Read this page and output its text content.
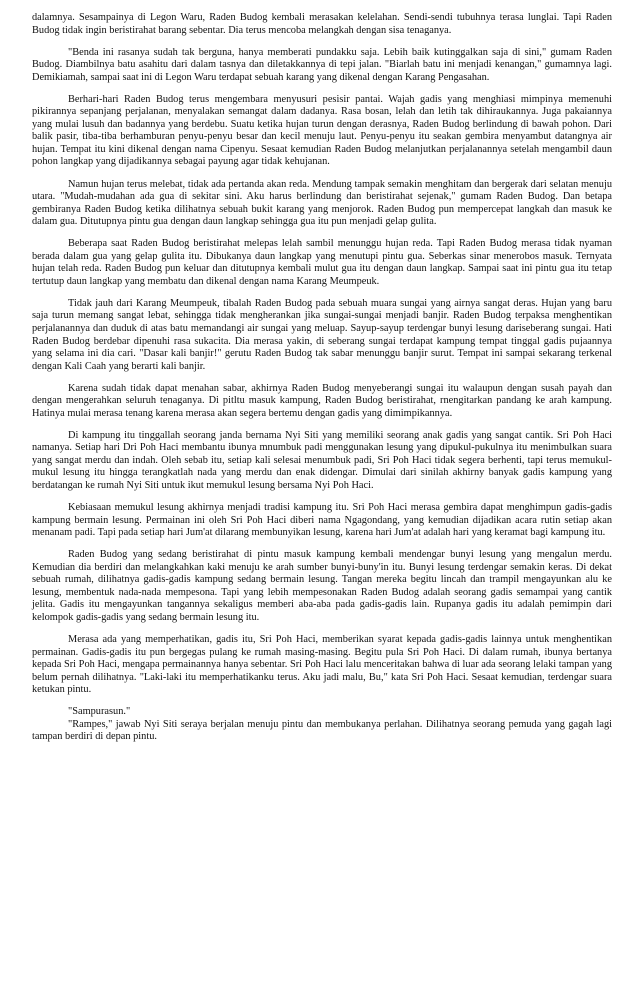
dalamnya. Sesampainya di Legon Waru, Raden Budog kembali merasakan kelelahan. Sendi-sendi tubuhnya terasa lunglai. Tapi Raden Budog tidak ingin beristirahat barang sebentar. Dia terus mencoba melangkah dengan sisa tenaganya.

"Benda ini rasanya sudah tak berguna, hanya memberati pundakku saja. Lebih baik kutinggalkan saja di sini," gumam Raden Budog. Diambilnya batu asahitu dari dalam tasnya dan diletakkannya di tepi jalan. "Biarlah batu ini menjadi kenangan," gumamnya lagi. Demikiamah, sampai saat ini di Legon Waru terdapat sebuah karang yang dikenal dengan Karang Pengasahan.

Berhari-hari Raden Budog terus mengembara menyusuri pesisir pantai. Wajah gadis yang menghiasi mimpinya memenuhi pikirannya sepanjang perjalanan, menyalakan semangat dalam dadanya. Rasa bosan, lelah dan letih tak dihiraukannya. Juga pakaiannya yang mulai lusuh dan badannya yang berdebu. Suatu ketika hujan turun dengan derasnya, Raden Budog berlindung di bawah pohon. Dari balik pasir, tiba-tiba berhamburan penyu-penyu besar dan kecil menuju laut. Penyu-penyu itu seakan gembira menyambut datangnya air hujan. Tempat itu kini dikenal dengan nama Cipenyu. Sesaat kemudian Raden Budog melanjutkan perjalanannya setelah mengambil daun pohon langkap yang dijadikannya sebagai payung agar tidak kehujanan.

Namun hujan terus melebat, tidak ada pertanda akan reda. Mendung tampak semakin menghitam dan bergerak dari selatan menuju utara. "Mudah-mudahan ada gua di sekitar sini. Aku harus berlindung dan beristirahat sejenak," gumam Raden Budog. Dan betapa gembiranya Raden Budog ketika dilihatnya sebuah bukit karang yang menjorok. Raden Budog pun mempercepat langkah dan masuk ke dalam gua. Ditutupnya pintu gua dengan daun langkap sehingga gua itu pun menjadi gelap gulita.

Beberapa saat Raden Budog beristirahat melepas lelah sambil menunggu hujan reda. Tapi Raden Budog merasa tidak nyaman berada dalam gua yang gelap gulita itu. Dibukanya daun langkap yang menutupi pintu gua. Seberkas sinar menerobos masuk. Ternyata hujan telah reda. Raden Budog pun keluar dan ditutupnya kembali mulut gua itu dengan daun langkap. Sampai saat ini pintu gua itu tetap tertutup daun langkap yang membatu dan dikenal dengan nama Karang Meumpeuk.

Tidak jauh dari Karang Meumpeuk, tibalah Raden Budog pada sebuah muara sungai yang airnya sangat deras. Hujan yang baru saja turun memang sangat lebat, sehingga tidak mengherankan jika sungai-sungai menjadi banjir. Raden Budog terpaksa menghentikan perjalanannya dan duduk di atas batu memandangi air sungai yang meluap. Sayup-sayup terdengar bunyi lesung dariseberang sungai. Hati Raden Budog berdebar dipenuhi rasa sukacita. Dia merasa yakin, di seberang sungai terdapat kampung tempat tinggal gadis pujaannya yang selama ini dia cari. "Dasar kali banjir!" gerutu Raden Budog tak sabar menunggu banjir surut. Tempat ini sampai sekarang terkenal dengan Kali Caah yang berarti kali banjir.

Karena sudah tidak dapat menahan sabar, akhirnya Raden Budog menyeberangi sungai itu walaupun dengan susah payah dan dengan mengerahkan seluruh tenaganya. Di pitltu masuk kampung, Raden Budog beristirahat, rnengitarkan pandang ke arah kampung. Hatinya mulai merasa tenang karena merasa akan segera bertemu dengan gadis yang dimimpikannya.

Di kampung itu tinggallah seorang janda bernama Nyi Siti yang memiliki seorang anak gadis yang sangat cantik. Sri Poh Haci namanya. Setiap hari Dri Poh Haci membantu ibunya mnumbuk padi menggunakan lesung yang dipukul-pukulnya itu menimbulkan suara yang sangat merdu dan indah. Oleh sebab itu, setiap kali selesai menumbuk padi, Sri Poh Haci tidak segera berhenti, tapi terus memukul-mukul lesung itu hingga terangkatlah nada yang merdu dan enak didengar. Dimulai dari sinilah akhirny banyak gadis kampung yang berdatangan ke rumah Nyi Siti untuk ikut memukul lesung bersama Nyi Poh Haci.

Kebiasaan memukul lesung akhirnya menjadi tradisi kampung itu. Sri Poh Haci merasa gembira dapat menghimpun gadis-gadis kampung bermain lesung. Permainan ini oleh Sri Poh Haci diberi nama Ngagondang, yang kemudian dijadikan acara rutin setiap akan menanam padi. Tapi pada setiap hari Jum'at dilarang membunyikan lesung, karena hari Jum'at adalah hari yang keramat bagi kampung itu.

Raden Budog yang sedang beristirahat di pintu masuk kampung kembali mendengar bunyi lesung yang mengalun merdu. Kemudian dia berdiri dan melangkahkan kaki menuju ke arah sumber bunyi-buny'in itu. Bunyi lesung terdengar semakin keras. Di dekat sebuah rumah, dilihatnya gadis-gadis kampung sedang bermain lesung. Tangan mereka begitu lincah dan trampil mengayunkan alu ke lesung, membentuk nada-nada mempesona. Tapi yang lebih mempesonakan Raden Budog adalah seorang gadis semampai yang cantik jelita. Gadis itu mengayunkan tangannya sekaligus memberi aba-aba pada gadis-gadis lain. Rupanya gadis itu adalah pemimpin dari kelompok gadis-gadis yang sedang bermain lesung itu.

Merasa ada yang memperhatikan, gadis itu, Sri Poh Haci, memberikan syarat kepada gadis-gadis lainnya untuk menghentikan permainan. Gadis-gadis itu pun bergegas pulang ke rumah masing-masing. Begitu pula Sri Poh Haci. Di dalam rumah, ibunya bertanya kepada Sri Poh Haci, mengapa permainannya hanya sebentar. Sri Poh Haci lalu menceritakan bahwa di luar ada seorang lelaki tampan yang belum pernah dilihatnya. "Laki-laki itu memperhatikanku terus. Aku jadi malu, Bu," kata Sri Poh Haci. Sesaat kemudian, terdengar suara ketukan pintu.

"Sampurasun."

"Rampes," jawab Nyi Siti seraya berjalan menuju pintu dan membukanya perlahan. Dilihatnya seorang pemuda yang gagah lagi tampan berdiri di depan pintu.
